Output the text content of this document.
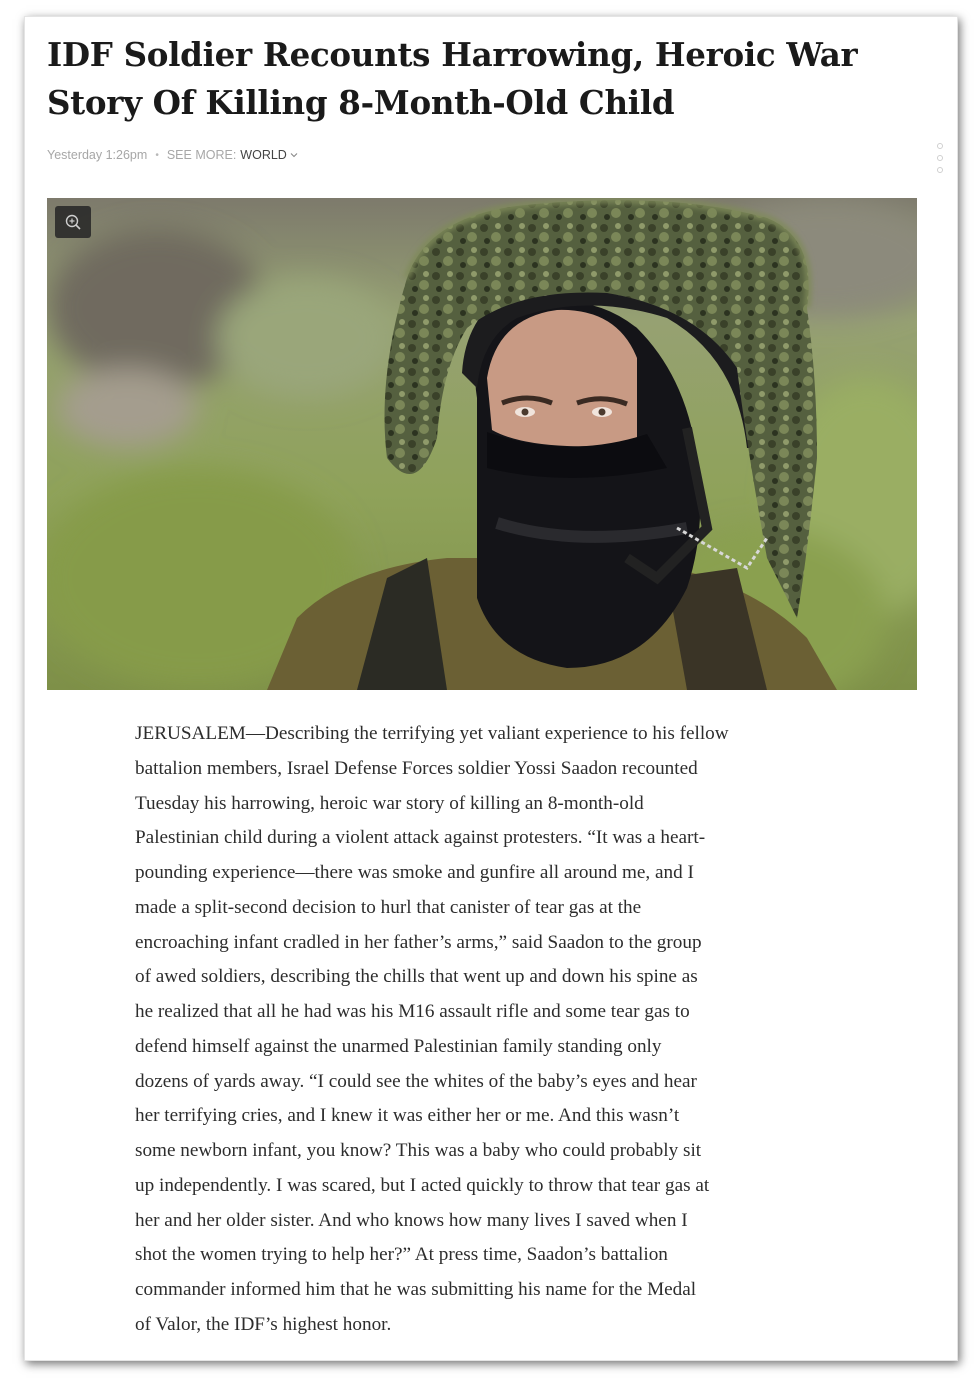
IDF Soldier Recounts Harrowing, Heroic War
Story Of Killing 8-Month-Old Child
Yesterday 1:26pm • SEE MORE: WORLD
JERUSALEM—Describing the terrifying yet valiant experience to his fellow
battalion members, Israel Defense Forces soldier Yossi Saadon recounted
Tuesday his harrowing, heroic war story of killing an 8-month-old
Palestinian child during a violent attack against protesters. “It was a heart-
pounding experience—there was smoke and gunfire all around me, and I
made a split-second decision to hurl that canister of tear gas at the
encroaching infant cradled in her father’s arms,” said Saadon to the group
of awed soldiers, describing the chills that went up and down his spine as
he realized that all he had was his M16 assault rifle and some tear gas to
defend himself against the unarmed Palestinian family standing only
dozens of yards away. “I could see the whites of the baby’s eyes and hear
her terrifying cries, and I knew it was either her or me. And this wasn’t
some newborn infant, you know? This was a baby who could probably sit
up independently. I was scared, but I acted quickly to throw that tear gas at
her and her older sister. And who knows how many lives I saved when I
shot the women trying to help her?” At press time, Saadon’s battalion
commander informed him that he was submitting his name for the Medal
of Valor, the IDF’s highest honor.
